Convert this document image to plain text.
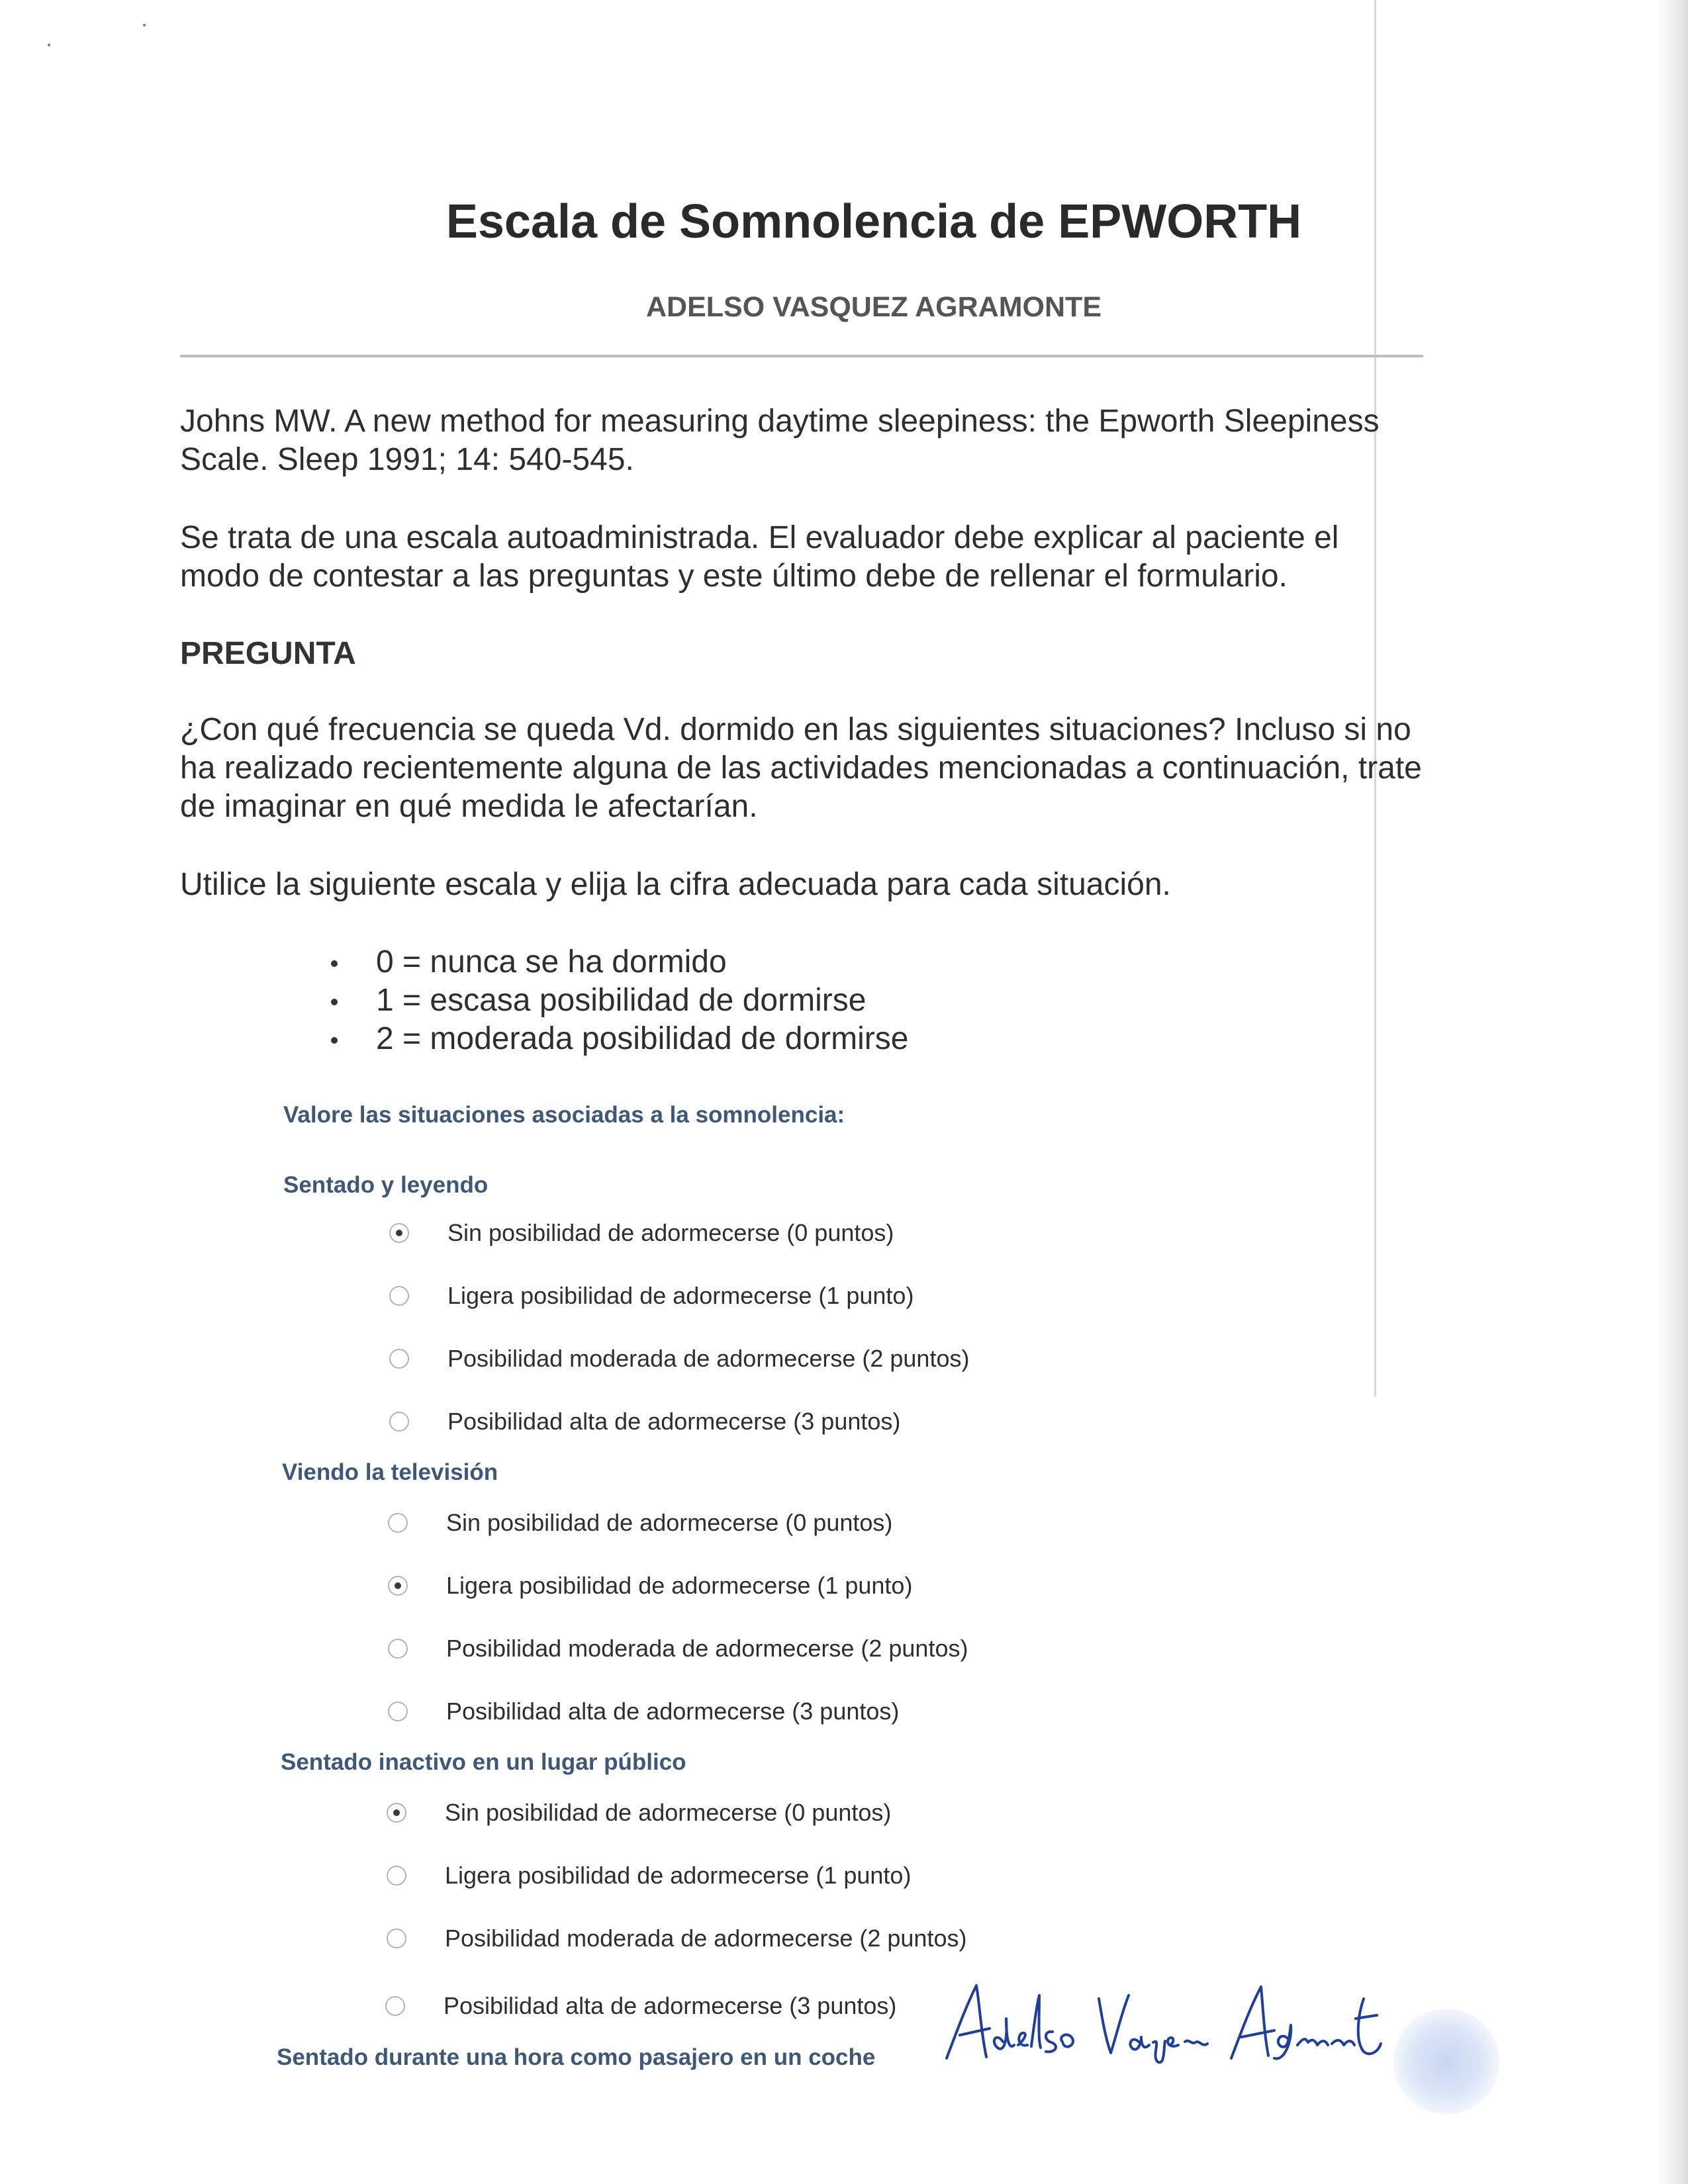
Escala de Somnolencia de EPWORTH
ADELSO VASQUEZ AGRAMONTE
Johns MW. A new method for measuring daytime sleepiness: the Epworth Sleepiness Scale. Sleep 1991; 14: 540-545.
Se trata de una escala autoadministrada. El evaluador debe explicar al paciente el modo de contestar a las preguntas y este último debe de rellenar el formulario.
PREGUNTA
¿Con qué frecuencia se queda Vd. dormido en las siguientes situaciones? Incluso si no ha realizado recientemente alguna de las actividades mencionadas a continuación, trate de imaginar en qué medida le afectarían.
Utilice la siguiente escala y elija la cifra adecuada para cada situación.
0 = nunca se ha dormido
1 = escasa posibilidad de dormirse
2 = moderada posibilidad de dormirse
Valore las situaciones asociadas a la somnolencia:
Sentado y leyendo
Sin posibilidad de adormecerse (0 puntos)
Ligera posibilidad de adormecerse (1 punto)
Posibilidad moderada de adormecerse (2 puntos)
Posibilidad alta de adormecerse (3 puntos)
Viendo la televisión
Sin posibilidad de adormecerse (0 puntos)
Ligera posibilidad de adormecerse (1 punto)
Posibilidad moderada de adormecerse (2 puntos)
Posibilidad alta de adormecerse (3 puntos)
Sentado inactivo en un lugar público
Sin posibilidad de adormecerse (0 puntos)
Ligera posibilidad de adormecerse (1 punto)
Posibilidad moderada de adormecerse (2 puntos)
Posibilidad alta de adormecerse (3 puntos)
Sentado durante una hora como pasajero en un coche
